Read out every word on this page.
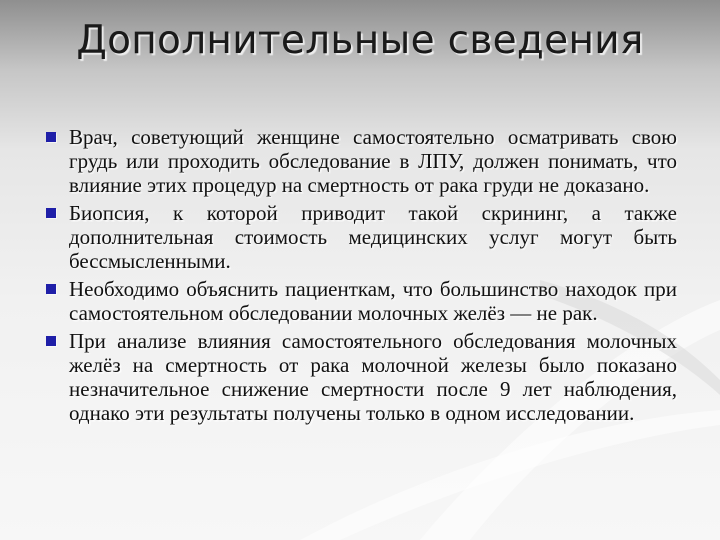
Дополнительные сведения
Врач, советующий женщине самостоятельно осматривать свою грудь или проходить обследование в ЛПУ, должен понимать, что влияние этих процедур на смертность от рака груди не доказано.
Биопсия, к которой приводит такой скрининг, а также дополнительная стоимость медицинских услуг могут быть бессмысленными.
Необходимо объяснить пациенткам, что большинство находок при самостоятельном обследовании молочных желёз — не рак.
При анализе влияния самостоятельного обследования молочных желёз на смертность от рака молочной железы было показано незначительное снижение смертности после 9 лет наблюдения, однако эти результаты получены только в одном исследовании.
